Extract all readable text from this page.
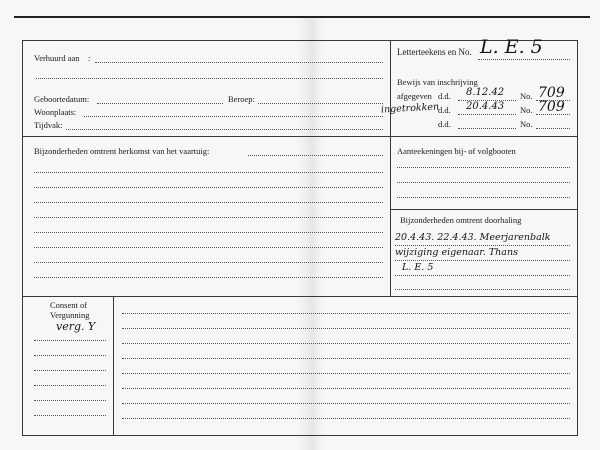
Verhuurd aan :
Geboortedatum:	Beroep:
Woonplaats:
Tijdvak:
Bijzonderheden omtrent herkomst van het vaartuig:
Letterteekens en No. L. E. 5
Bewijs van inschrijving
afgegeven d.d. 8.12.42 No. 709
ingetrokken
d.d. 20.4.43 No. 709
d.d.	No.
Aanteekeningen bij- of volgbooten
Bijzonderheden omtrent doorhaling
20.4.43. 22.4.43. Meerjarenbalk
wijziging eigenaar. Thans
L. E. 5
Consent of
Vergunning
verg. Y
